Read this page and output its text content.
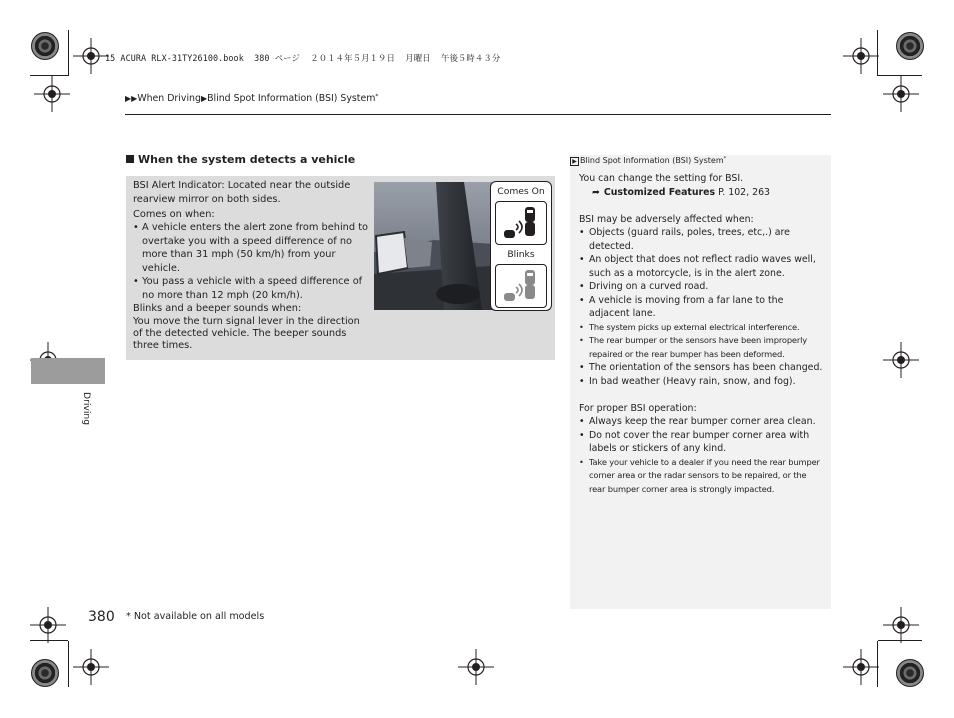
15 ACURA RLX-31TY26100.book  380 ページ  ２０１４年５月１９日  月曜日  午後５時４３分
▶▶When Driving▶Blind Spot Information (BSI) System*
When the system detects a vehicle

BSI Alert Indicator: Located near the outside rearview mirror on both sides.

Comes on when:

• A vehicle enters the alert zone from behind to overtake you with a speed difference of no more than 31 mph (50 km/h) from your vehicle.
• You pass a vehicle with a speed difference of no more than 12 mph (20 km/h).

Blinks and a beeper sounds when:

You move the turn signal lever in the direction of the detected vehicle. The beeper sounds three times.

Comes On
Blinks
▶ Blind Spot Information (BSI) System*

You can change the setting for BSI.

➦ Customized Features P. 102, 263

BSI may be adversely affected when:

• Objects (guard rails, poles, trees, etc,.) are detected.
• An object that does not reflect radio waves well, such as a motorcycle, is in the alert zone.
• Driving on a curved road.
• A vehicle is moving from a far lane to the adjacent lane.
• The system picks up external electrical interference.
• The rear bumper or the sensors have been improperly repaired or the rear bumper has been deformed.
• The orientation of the sensors has been changed.
• In bad weather (Heavy rain, snow, and fog).

For proper BSI operation:

• Always keep the rear bumper corner area clean.
• Do not cover the rear bumper corner area with labels or stickers of any kind.
• Take your vehicle to a dealer if you need the rear bumper corner area or the radar sensors to be repaired, or the rear bumper corner area is strongly impacted.
Driving
380 * Not available on all models
